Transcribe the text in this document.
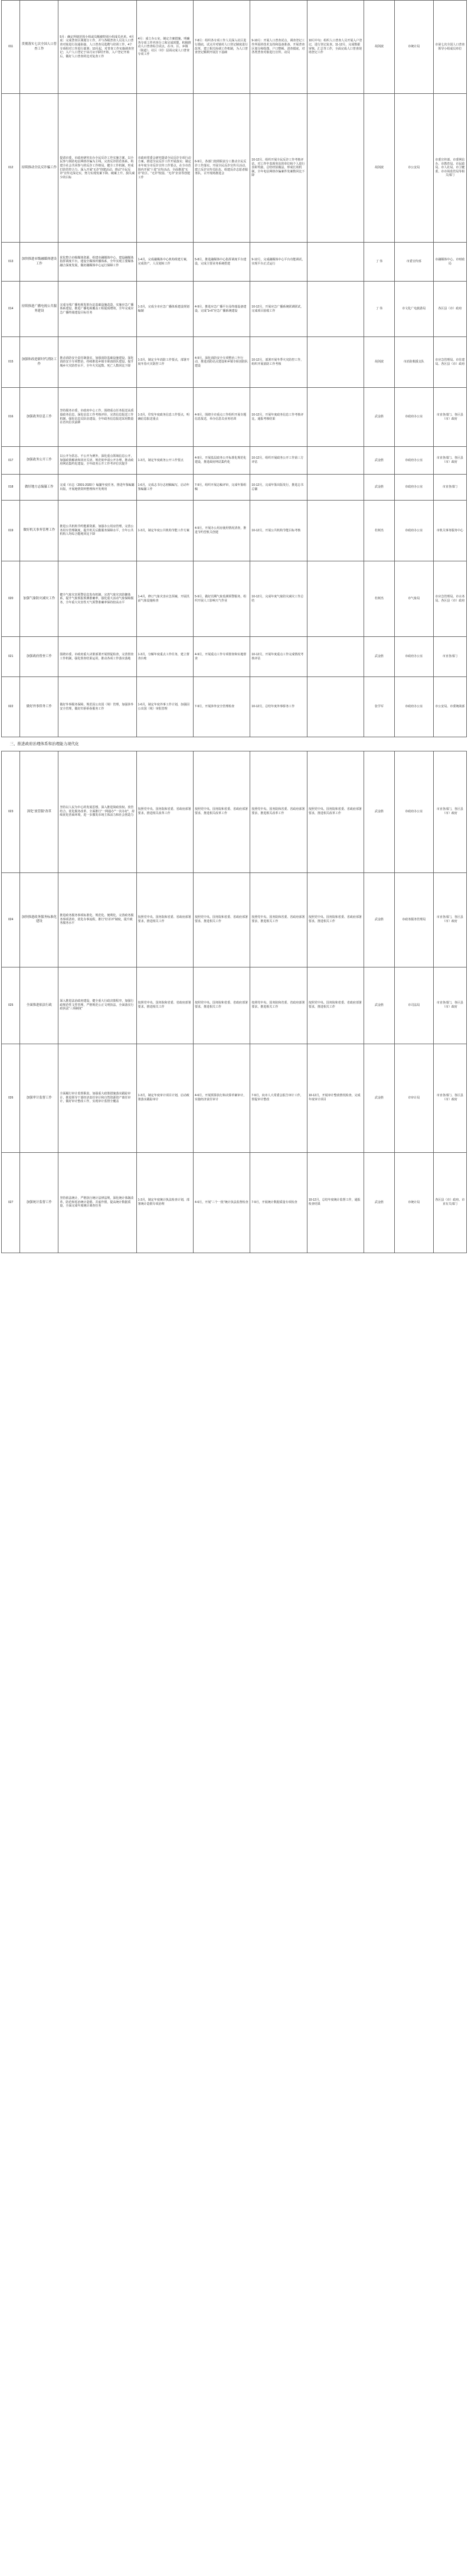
011	贯彻落实七次全国人口普查工作	5月：确定所辖范围小组或员额被特别小组成员名单。4月底：完成普查区域划分工作，并与各级普查人员及人口普查对象进行沟通衔接、人口普查员选聘与培训工作，4个专项组对工作进行部署；10月起，对普查工作实施调查登记；入户人口登记于11月1日零时开始，入户登记开始后，做好人口普查的比对复查工作	4月：成立办公室，制定方案措施，明确各专项工作内容分工和完成时限，积极推动人口普查综合试点，在市、区、乡镇（街道）、社区（村）层面完成人口普查专项工作	7-8月：组织各专项工作人员深入社区进行摸底，试点并对镇村人口登记制度进行改革，建立相关协调工作机制，为人口普查登记顺利开展打下基础	9-10月：开展人口普查试点，调查登记工作所需的技术支持和设备准备，开展普查区划分和绘图、户口整顿、清查摸底，对各类普查对象进行宣传、动员	10月中旬：组织人口普查人员开展入户登记，进行登记复查。11-12月，完成数据审核、汇总等工作，全面完成人口普查现场登记工作	胡剑波	市统计局	市第七次全国人口普查领导小组成员单位
012	持续推动全民反诈骗工作	提请市委、市政府研究出台全民反诈工作实施方案，以全民参与预防电信网络诈骗为主线，完善反诈防范体系，构建全社会共同参与的反诈工作格局，健全工作机制，形成打防管控合力，深入开展“无诈”创建活动，推动“全民反诈”宣传走深走实，努力实现发案下降、破案上升、损失减少的目标	市政府常委会研究提请全民反诈专项行动方案，推进全民反诈工作开展落实；制定本年度全市反诈宣传工作要点，在全市范围内开展“十进”宣传活动，全面推进“无诈”社区、“无诈”校园、“无诈”企业等创建工作	6-9月，各部门按照职责分工推动全民反诈工作落实。开展全民反诈宣传月活动，建立反诈宣传员队伍，组建反诈志愿者服务队，召开现场推进会	10-12月，组织开展全民反诈工作考核评估，对工作中表现突出的单位和个人进行表彰奖励，总结经验做法，形成长效机制，全年电信网络诈骗案件发案数同比下降		胡剑波	市公安局	市委宣传部、市委网信办、市教育局、市民政局、市人社局、市卫健委、市市场监管局等相关部门
013	加快推进市级融媒体建设工作	优化整合市级媒体资源，组建市融媒体中心，建设融媒体指挥调度平台，建设全媒体传播体系，全年实现主要媒体融合深度发展，做好融媒体中心运行保障工作	1-4月，完成融媒体中心机构组建方案，完成资产、人员划转工作	5-8月，推进融媒体中心指挥调度平台建设，完成主要业务系统搭建	9-12月，完成融媒体中心平台功能调试，实现平台正式运行		了 伟	市委宣传部	市融媒体中心、市财政局
014	持续推进广播电视公共服务建设	完成无线广播电视发射台站基础设施改造，实施应急广播体系建设，推进广播电视覆盖工程提质增效，全年完成应急广播终端建设目标任务	1-3月，完成全市应急广播体系建设规划编制	4-9月，推进应急广播平台及终端设备建设，完成“1+X”应急广播系统建设	10-12月，开展应急广播系统联调联试，完成项目验收工作		了 伟	市文化广电旅游局	各区县（市）政府
015	加强和改进新时代消防工作	推动消防安全责任制落实，加强消防基础设施建设，深化消防安全专项整治，持续推进乡镇专职消防队建设，提升城乡火灾防控水平，全年火灾起数、死亡人数同比下降	1-3月，制定全年消防工作要点，部署开展冬春火灾防控工作	4-9月，深化消防安全专项整治三年行动，推进消防站点建设和乡镇专职消防队建设	10-12月，部署开展冬季火灾防控工作，组织开展消防工作考核		胡剑波	市消防救援支队	市应急管理局、市住建局、各区县（市）政府
016	加强政务信息工作	坚持服务市委、市政府中心工作，围绕重点任务报送高质量政务信息，深化信息工作考核评价，完善信息报送工作机制，强化信息员队伍建设，全年政务信息报送采用数量在省内位次前移	1-3月，印发年度政务信息工作要点，明确信息报送重点	4-9月，围绕全市重点工作组织开展专题信息报送，举办信息员业务培训	10-12月，开展年度政务信息工作考核评比，通报考核结果		武金胜	市政府办公室	市直各部门、各区县（市）政府
017	加强政务公开工作	以公开为常态、不公开为例外，深化重点领域信息公开，加强政策解读和回应关切，规范依申请公开办理，推动政府网站集约化建设，全年政务公开工作考评位次提升	1-3月，制定年度政务公开工作要点	4-9月，开展基层政务公开标准化规范化建设，推进政府网站集约化	10-12月，组织开展政务公开工作第三方评估		武金胜	市政府办公室	市直各部门、各区县（市）政府
018	做好地方志编纂工作	完成《市志（2001-2020）》编纂年度任务，推进年鉴编纂出版，开展地情资料整理和开发利用	1-6月，完成志书分志初稿编写，启动年鉴编纂工作	7-9月，组织开展志稿评审，完成年鉴组稿	10-12月，完成年鉴出版发行，推进志书总纂		武金胜	市政府办公室	市直各部门
019	做好机关事务管理工作	推进公共机构节约能源资源，加强办公用房管理，完善公务用车管理制度，提升机关后勤服务保障水平，全年公共机构人均综合能耗同比下降	1-3月，制定年度公共机构节能工作方案	4-9月，开展办公用房使用情况清查，推进节约型机关创建	10-12月，开展公共机构节能目标考核		杜树杰	市政府办公室	市机关事务服务中心
020	加强气象防灾减灾工作	健全气象灾害预警信息发布机制，完善气象灾害防御体系，提升气象预报预测准确率，强化重大活动气象保障服务，全年重大灾害性天气预警准确率保持较高水平	1-4月，修订气象灾害应急预案，开展汛前气象设施检查	5-9月，做好汛期气象监测预警服务，组织开展人工影响天气作业	10-12月，完成年度气象防灾减灾工作总结		杜树杰	市气象局	市应急管理局、市水务局、各区县（市）政府
021	加强政府督查工作	围绕市委、市政府重大决策部署开展督促检查，完善督查工作机制，强化督查结果运用，推动各项工作落实落地	1-3月，分解年度重点工作任务，建立督查台账	4-9月，开展重点工作专项督查和实地督查	10-12月，开展年度重点工作完成情况考核评估		武金胜	市政府办公室	市直各部门
022	做好外事侨务工作	做好外事服务保障，规范因公出国（境）管理，加强涉外安全管理，做好归侨侨眷服务工作	1-6月，制定年度外事工作计划，加强因公出国（境）审批管理	7-9月，开展涉外安全管理检查	10-12月，总结年度外事侨务工作		张学军	市政府办公室	市公安局、市委统战部
三、推进政府治理体系和治理能力现代化									
023	深化“放管服”改革	坚持以人民为中心的发展思想，深入推进简政放权、放管结合、优化服务改革，全面推行“一网通办”“一次办好”，持续优化营商环境，进一步激发市场主体活力和社会创造力	按照党中央、国务院和省委、省政府部署要求，推进相关改革工作	按照党中央、国务院和省委、省政府部署要求，推进相关改革工作	按照党中央、国务院和省委、省政府部署要求，推进相关改革工作	按照党中央、国务院和省委、省政府部署要求，推进相关改革工作	武金胜	市政府办公室	市直各部门，各区县（市）政府
024	加快推进政务服务标准化建设	推进政务服务事项标准化、规范化、便利化，完善政务服务事项清单，优化办事流程，推行“好差评”制度，提升政务服务水平	按照党中央、国务院和省委、省政府部署要求，推进相关工作	按照党中央、国务院和省委、省政府部署要求，推进相关工作	按照党中央、国务院和省委、省政府部署要求，推进相关工作	按照党中央、国务院和省委、省政府部署要求，推进相关工作	武金胜	市政务服务管理局	市直各部门，各区县（市）政府
025	全面推进依法行政	深入推进法治政府建设，健全重大行政决策程序，加强行政规范性文件管理，严格规范公正文明执法，全面落实行政执法“三项制度”	按照党中央、国务院和省委、省政府部署要求，推进相关工作	按照党中央、国务院和省委、省政府部署要求，推进相关工作	按照党中央、国务院和省委、省政府部署要求，推进相关工作	按照党中央、国务院和省委、省政府部署要求，推进相关工作	武金胜	市司法局	市直各部门，各区县（市）政府
026	加强审计监督工作	全面履行审计监督职责，加强重大政策措施落实跟踪审计，推进领导干部经济责任审计和自然资源资产离任审计，做好审计整改工作，实现审计监督全覆盖	1-3月，制定年度审计项目计划，启动政策落实跟踪审计	4-6月，开展预算执行和决算草案审计，实施经济责任审计	7-9月，向市人大常委会报告审计工作，督促审计整改	10-12月，开展审计整改情况检查，完成年度审计项目	武金胜	市审计局	市直各部门、各区县（市）政府
027	加强统计监督工作	坚持依法统计，严格执行统计法律法规，深化统计体制改革，防范和惩治统计造假、弄虚作假，提高统计数据质量，全面完成年度统计调查任务	1-3月，制定年度统计执法检查计划，部署统计造假专项治理	4-6月，开展“三个一批”统计执法监督检查	7-9月，开展统计数据质量专项检查	10-12月，总结年度统计监督工作，通报检查结果	武金胜	市统计局	各区县（市）政府、市直有关部门
